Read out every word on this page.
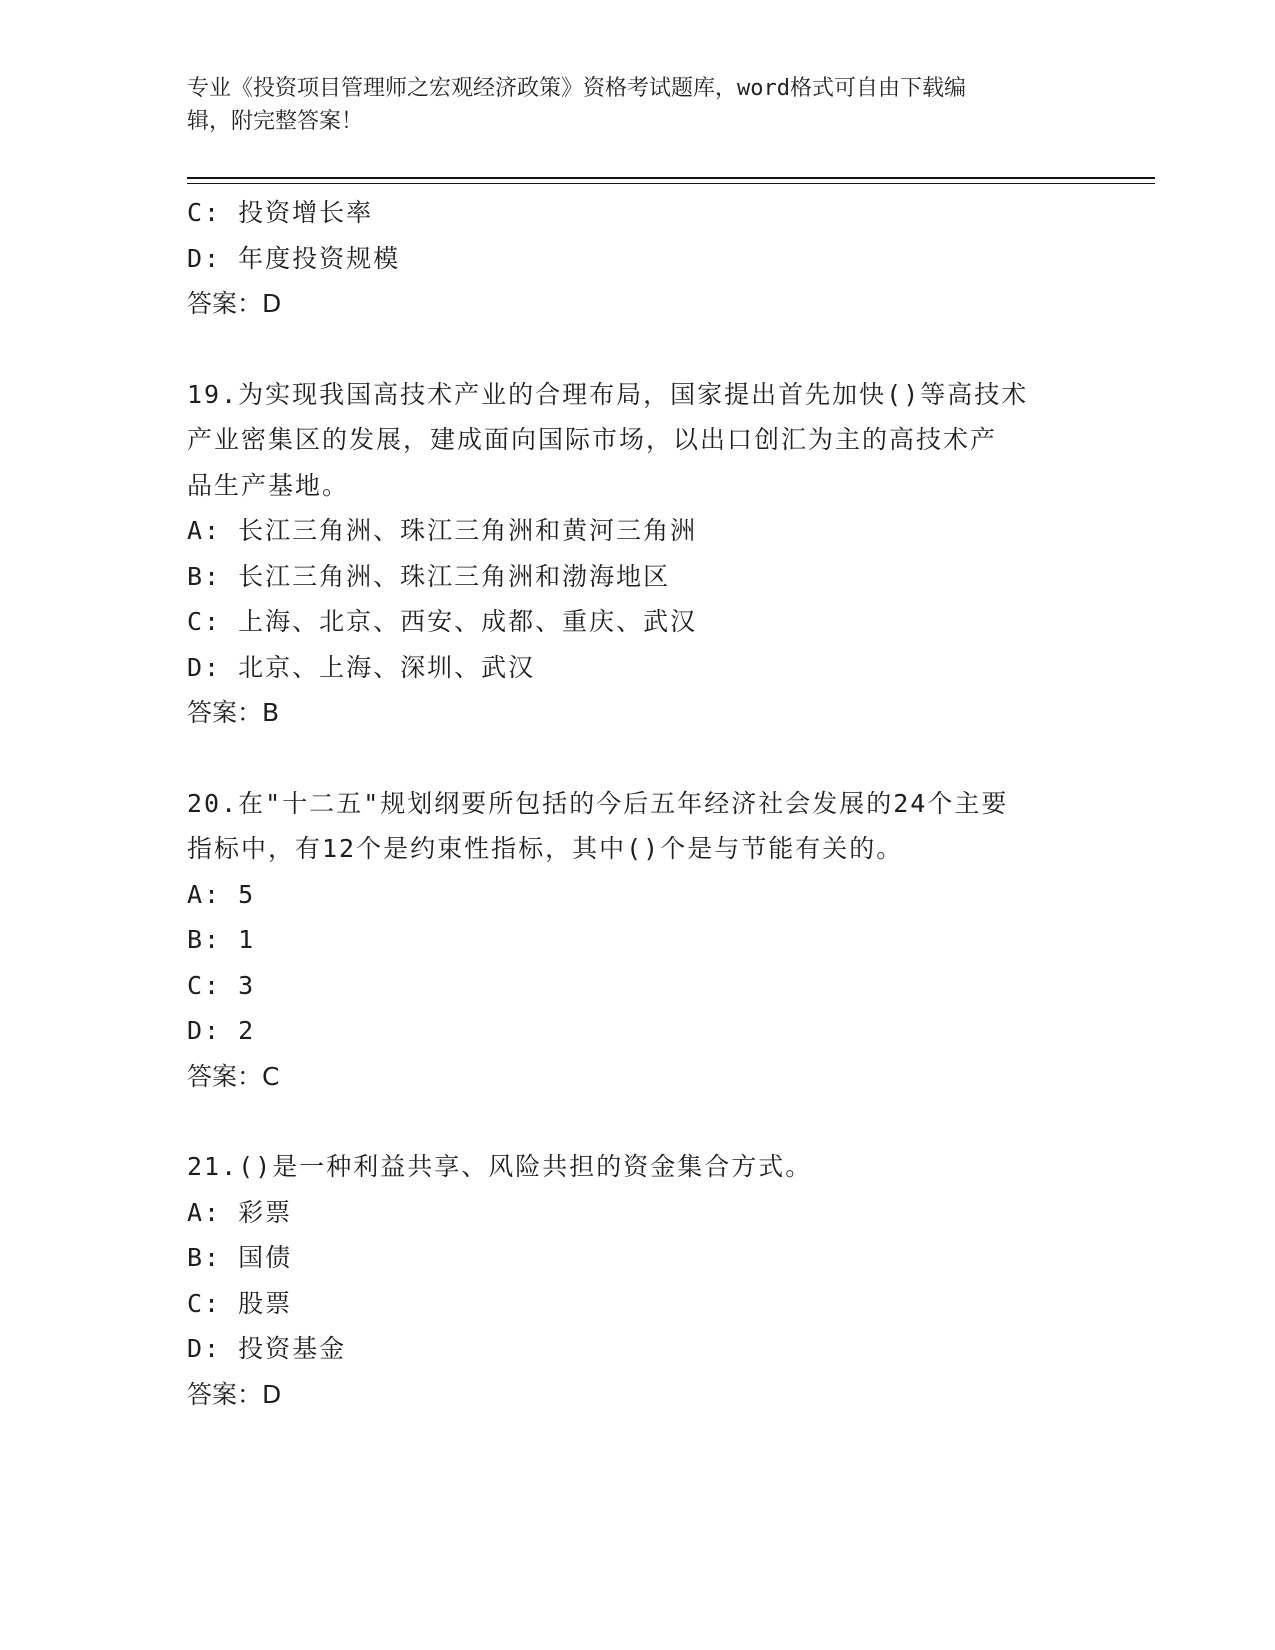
专业《投资项目管理师之宏观经济政策》资格考试题库，word格式可自由下载编
辑，附完整答案！
C: 投资增长率
D: 年度投资规模
答案：D
19.为实现我国高技术产业的合理布局，国家提出首先加快()等高技术
产业密集区的发展，建成面向国际市场，以出口创汇为主的高技术产
品生产基地。
A: 长江三角洲、珠江三角洲和黄河三角洲
B: 长江三角洲、珠江三角洲和渤海地区
C: 上海、北京、西安、成都、重庆、武汉
D: 北京、上海、深圳、武汉
答案：B
20.在"十二五"规划纲要所包括的今后五年经济社会发展的24个主要
指标中，有12个是约束性指标，其中()个是与节能有关的。
A: 5
B: 1
C: 3
D: 2
答案：C
21.()是一种利益共享、风险共担的资金集合方式。
A: 彩票
B: 国债
C: 股票
D: 投资基金
答案：D
